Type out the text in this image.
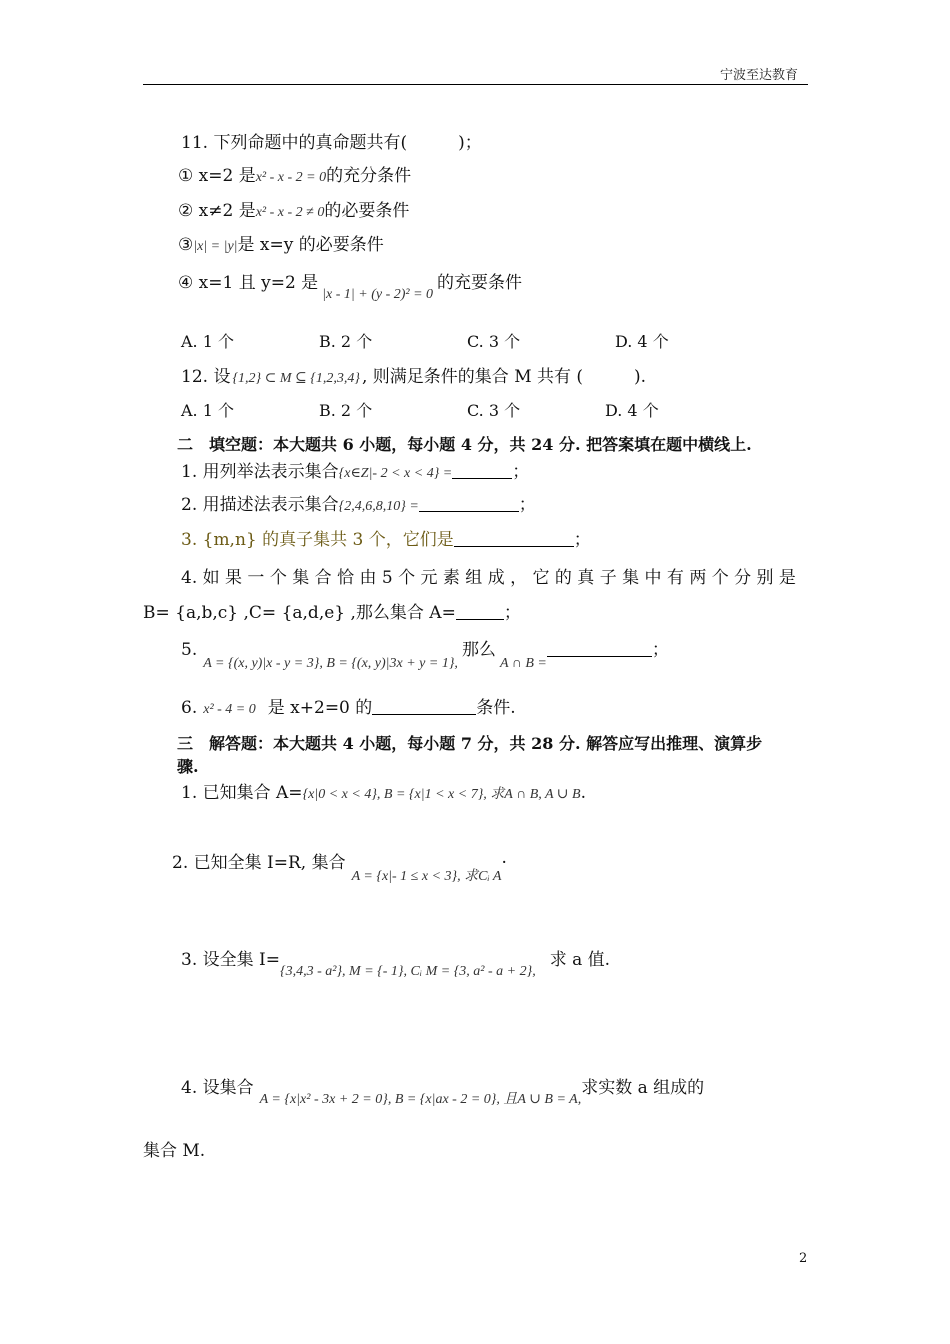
宁波至达教育
11. 下列命题中的真命题共有(　　　)；
① x=2 是x² - x - 2 = 0的充分条件
② x≠2 是x² - x - 2 ≠ 0的必要条件
③|x| = |y|是 x=y 的必要条件
④ x=1 且 y=2 是$_{|x - 1| + (y - 2)^2 = 0}$的充要条件
A. 1 个	B. 2 个	C. 3 个	D. 4 个
12. 设 {1,2} ⊂ M ⊆ {1,2,3,4} , 则满足条件的集合 M 共有 (　　　).
A. 1 个	B. 2 个	C. 3 个	D. 4 个
二　填空题：本大题共 6 小题，每小题 4 分，共 24 分. 把答案填在题中横线上.
1. 用列举法表示集合{x∈Z|- 2 < x < 4} =	；
2. 用描述法表示集合{2,4,6,8,10} =	；
3. {m,n} 的真子集共 3 个，它们是	；
4. 如 果 一 个 集 合 恰 由 5 个 元 素 组 成 ， 它 的 真 子 集 中 有 两 个 分 别 是
B= {a,b,c} ,C= {a,d,e} ,那么集合 A=	；
$5._{A = \{(x, y)|x - y = 3\}, B = \{(x, y)|3x + y = 1\},}$那么$_{A \cap B =}$；
6. x² - 4 = 0 是 x+2=0 的	条件.
三　解答题：本大题共 4 小题，每小题 7 分，共 28 分. 解答应写出推理、演算步
骤.
1. 已知集合 A={x|0 < x < 4}, B = {x|1 < x < 7}, 求A ∩ B, A ∪ B.
2. 已知全集 I=R, 集合$_{A = \{x|- 1 \le x < 3\}, 求Cᵢ A}$·
3. 设全集 $I=_{\{3,4,3 - a^2\}, M = \{- 1\}, Cᵢ M = \{3, a^2 - a + 2\},}$求 a 值.
4. 设集合$_{A = \{x|x^2 - 3x + 2 = 0\}, B = \{x|ax - 2 = 0\}, 且A \cup B = A,}$求实数 a 组成的
集合 M.
2
